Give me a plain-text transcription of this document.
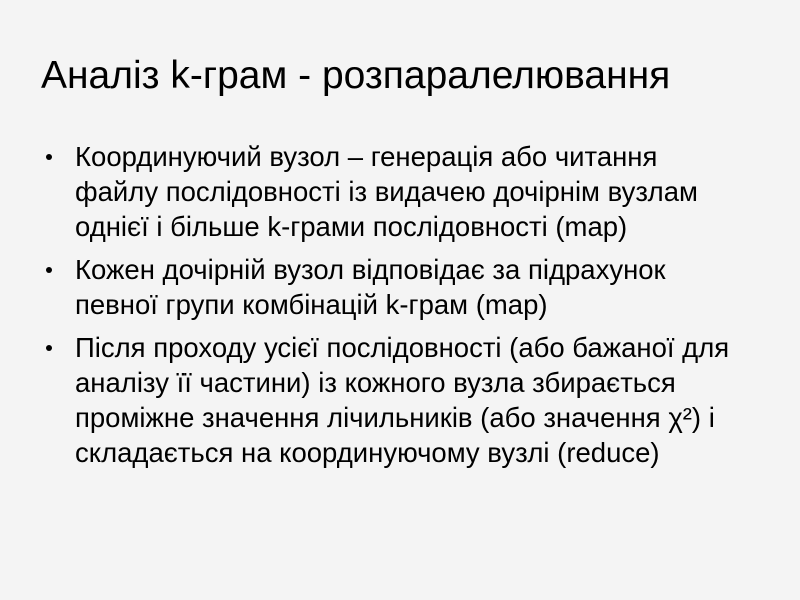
Аналіз k-грам - розпаралелювання
Координуючий вузол – генерація або читання файлу послідовності із видачею дочірнім вузлам однієї і більше k-грами послідовності (map)
Кожен дочірній вузол відповідає за підрахунок певної групи комбінацій k-грам (map)
Після проходу усієї послідовності (або бажаної для аналізу її частини) із кожного вузла збирається проміжне значення лічильників (або значення χ²) і складається на координуючому вузлі (reduce)
